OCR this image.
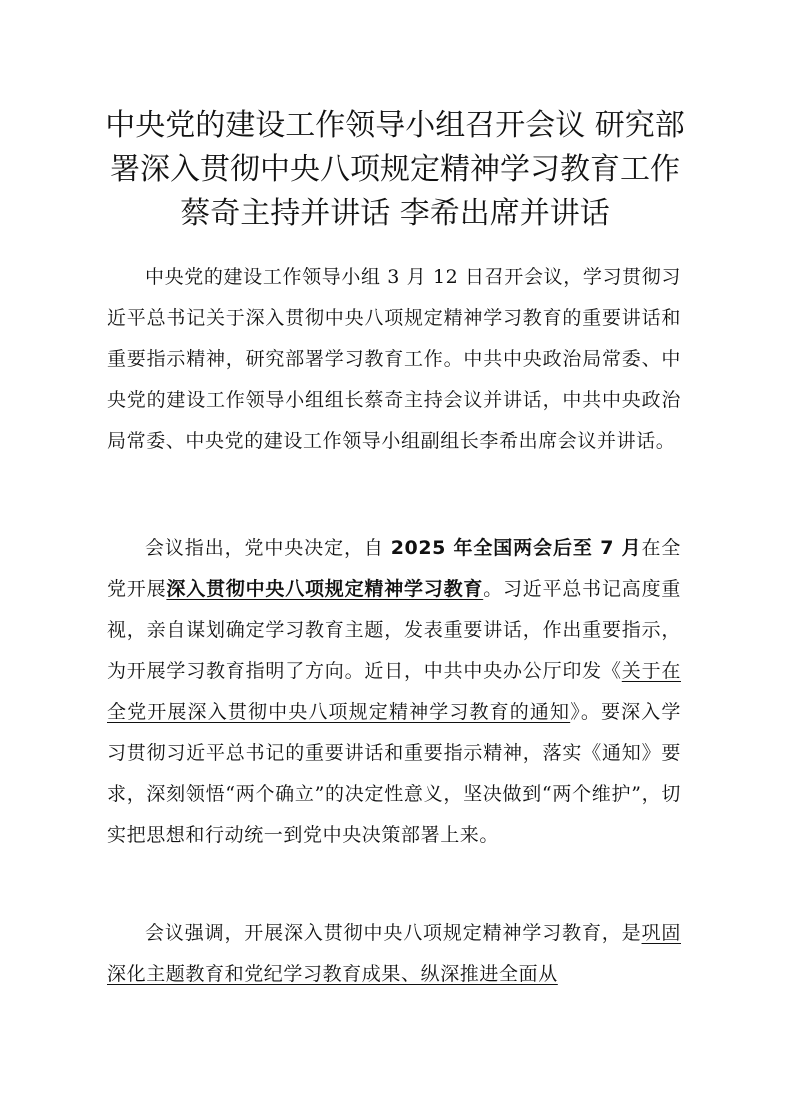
中央党的建设工作领导小组召开会议 研究部署深入贯彻中央八项规定精神学习教育工作 蔡奇主持并讲话 李希出席并讲话

中央党的建设工作领导小组 3 月 12 日召开会议，学习贯彻习近平总书记关于深入贯彻中央八项规定精神学习教育的重要讲话和重要指示精神，研究部署学习教育工作。中共中央政治局常委、中央党的建设工作领导小组组长蔡奇主持会议并讲话，中共中央政治局常委、中央党的建设工作领导小组副组长李希出席会议并讲话。

会议指出，党中央决定，自 2025 年全国两会后至 7 月在全党开展深入贯彻中央八项规定精神学习教育。习近平总书记高度重视，亲自谋划确定学习教育主题，发表重要讲话，作出重要指示，为开展学习教育指明了方向。近日，中共中央办公厅印发《关于在全党开展深入贯彻中央八项规定精神学习教育的通知》。要深入学习贯彻习近平总书记的重要讲话和重要指示精神，落实《通知》要求，深刻领悟“两个确立”的决定性意义，坚决做到“两个维护”，切实把思想和行动统一到党中央决策部署上来。

会议强调，开展深入贯彻中央八项规定精神学习教育，是巩固深化主题教育和党纪学习教育成果、纵深推进全面从
